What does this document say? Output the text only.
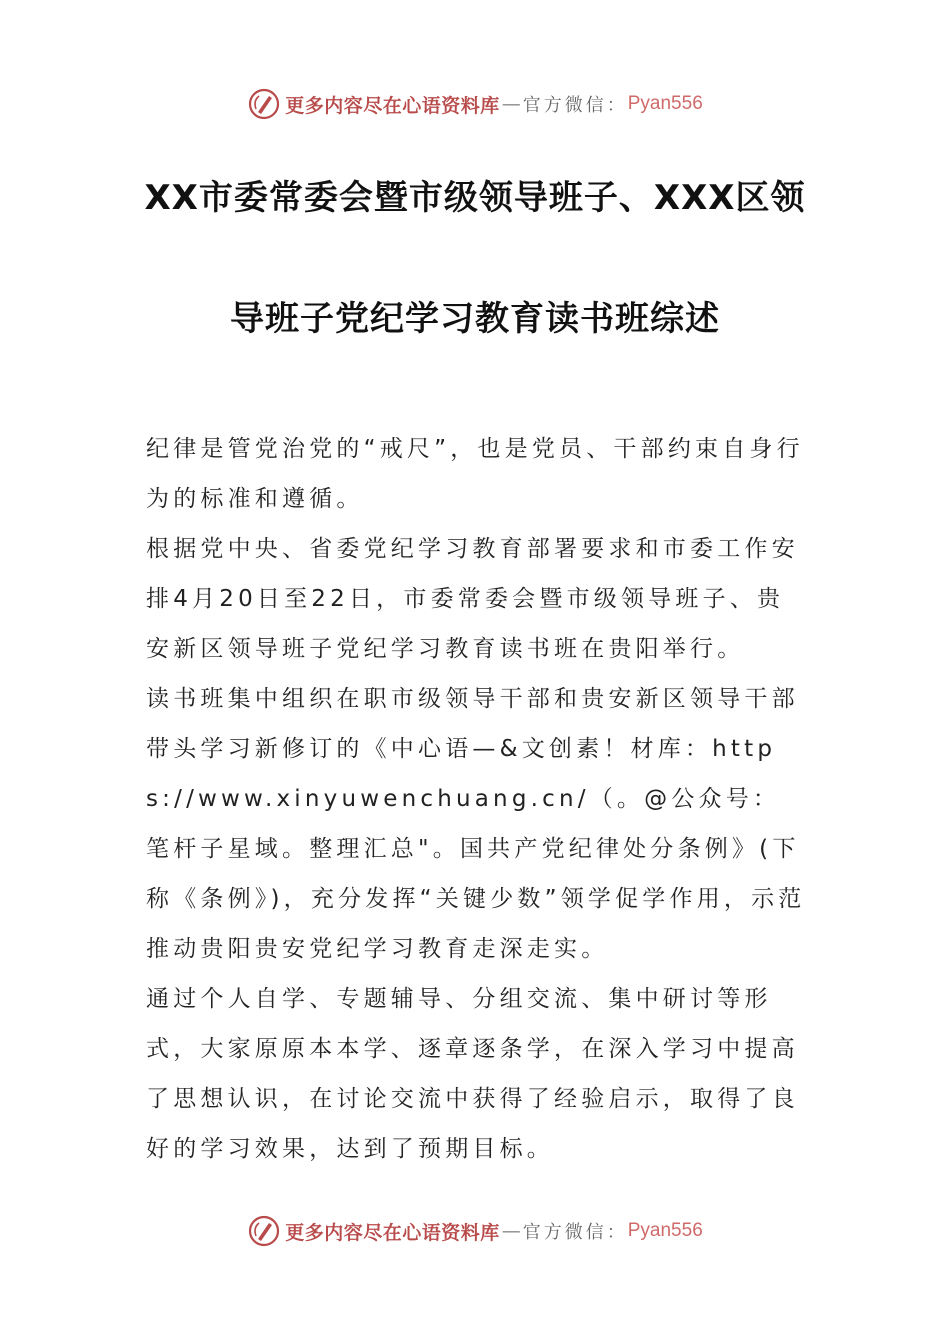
更多内容尽在心语资料库 — 官方微信： Pyan556
XX市委常委会暨市级领导班子、XXX区领
导班子党纪学习教育读书班综述

纪律是管党治党的“戒尺”，也是党员、干部约束自身行为的标准和遵循。

根据党中央、省委党纪学习教育部署要求和市委工作安排4月20日至22日，市委常委会暨市级领导班子、贵安新区领导班子党纪学习教育读书班在贵阳举行。

读书班集中组织在职市级领导干部和贵安新区领导干部带头学习新修订的《中心语—&文创素！材库：https://www.xinyuwenchuang.cn/（。@公众号：笔杆子星域。整理汇总"。国共产党纪律处分条例》(下称《条例》)，充分发挥“关键少数”领学促学作用，示范推动贵阳贵安党纪学习教育走深走实。

通过个人自学、专题辅导、分组交流、集中研讨等形式，大家原原本本学、逐章逐条学，在深入学习中提高了思想认识，在讨论交流中获得了经验启示，取得了良好的学习效果，达到了预期目标。

更多内容尽在心语资料库 — 官方微信： Pyan556
